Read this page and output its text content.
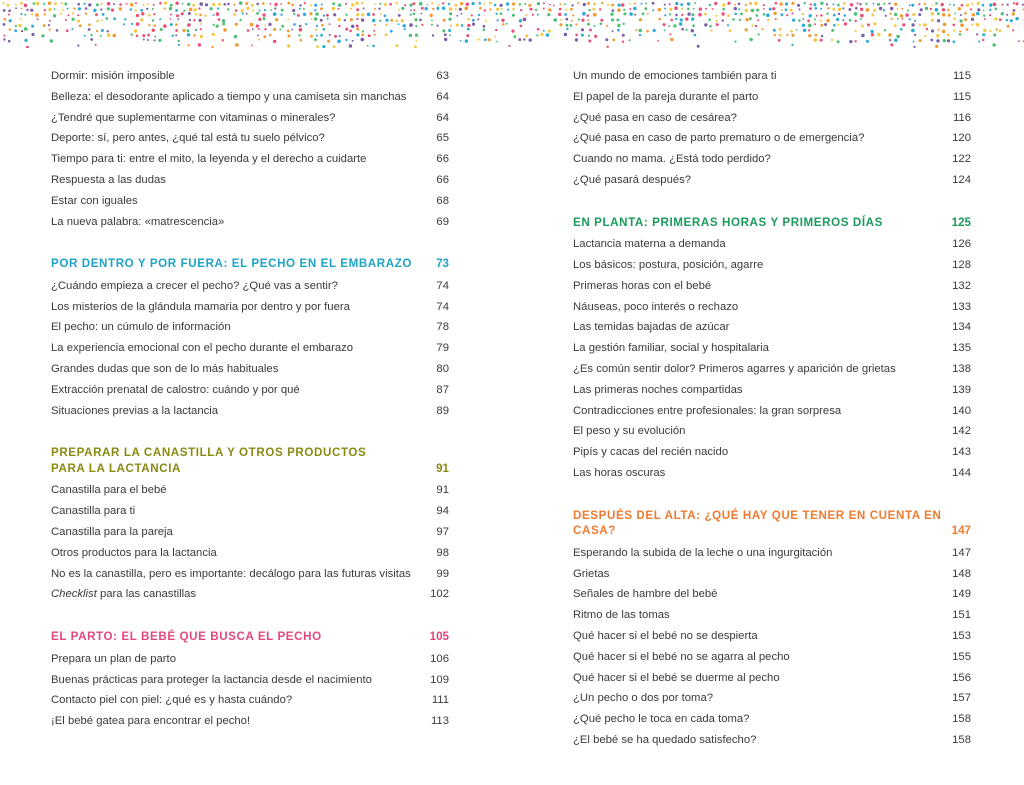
Dormir: misión imposible	63
Belleza: el desodorante aplicado a tiempo y una camiseta sin manchas	64
¿Tendré que suplementarme con vitaminas o minerales?	64
Deporte: sí, pero antes, ¿qué tal está tu suelo pélvico?	65
Tiempo para ti: entre el mito, la leyenda y el derecho a cuidarte	66
Respuesta a las dudas	66
Estar con iguales	68
La nueva palabra: «matrescencia»	69
POR DENTRO Y POR FUERA: EL PECHO EN EL EMBARAZO 73
¿Cuándo empieza a crecer el pecho? ¿Qué vas a sentir?	74
Los misterios de la glándula mamaria por dentro y por fuera	74
El pecho: un cúmulo de información	78
La experiencia emocional con el pecho durante el embarazo	79
Grandes dudas que son de lo más habituales	80
Extracción prenatal de calostro: cuándo y por qué	87
Situaciones previas a la lactancia	89
PREPARAR LA CANASTILLA Y OTROS PRODUCTOS
PARA LA LACTANCIA	91
Canastilla para el bebé	91
Canastilla para ti	94
Canastilla para la pareja	97
Otros productos para la lactancia	98
No es la canastilla, pero es importante: decálogo para las futuras visitas 99
Checklist para las canastillas	102
EL PARTO: EL BEBÉ QUE BUSCA EL PECHO	105
Prepara un plan de parto	106
Buenas prácticas para proteger la lactancia desde el nacimiento	109
Contacto piel con piel: ¿qué es y hasta cuándo?	111
¡El bebé gatea para encontrar el pecho!	113
Un mundo de emociones también para ti	115
El papel de la pareja durante el parto	115
¿Qué pasa en caso de cesárea?	116
¿Qué pasa en caso de parto prematuro o de emergencia?	120
Cuando no mama. ¿Está todo perdido?	122
¿Qué pasará después?	124
EN PLANTA: PRIMERAS HORAS Y PRIMEROS DÍAS	125
Lactancia materna a demanda	126
Los básicos: postura, posición, agarre	128
Primeras horas con el bebé	132
Náuseas, poco interés o rechazo	133
Las temidas bajadas de azúcar	134
La gestión familiar, social y hospitalaria	135
¿Es común sentir dolor? Primeros agarres y aparición de grietas	138
Las primeras noches compartidas	139
Contradicciones entre profesionales: la gran sorpresa	140
El peso y su evolución	142
Pipís y cacas del recién nacido	143
Las horas oscuras	144
DESPUÉS DEL ALTA: ¿QUÉ HAY QUE TENER EN CUENTA EN CASA?	147
Esperando la subida de la leche o una ingurgitación	147
Grietas	148
Señales de hambre del bebé	149
Ritmo de las tomas	151
Qué hacer si el bebé no se despierta	153
Qué hacer si el bebé no se agarra al pecho	155
Qué hacer si el bebé se duerme al pecho	156
¿Un pecho o dos por toma?	157
¿Qué pecho le toca en cada toma?	158
¿El bebé se ha quedado satisfecho?	158
